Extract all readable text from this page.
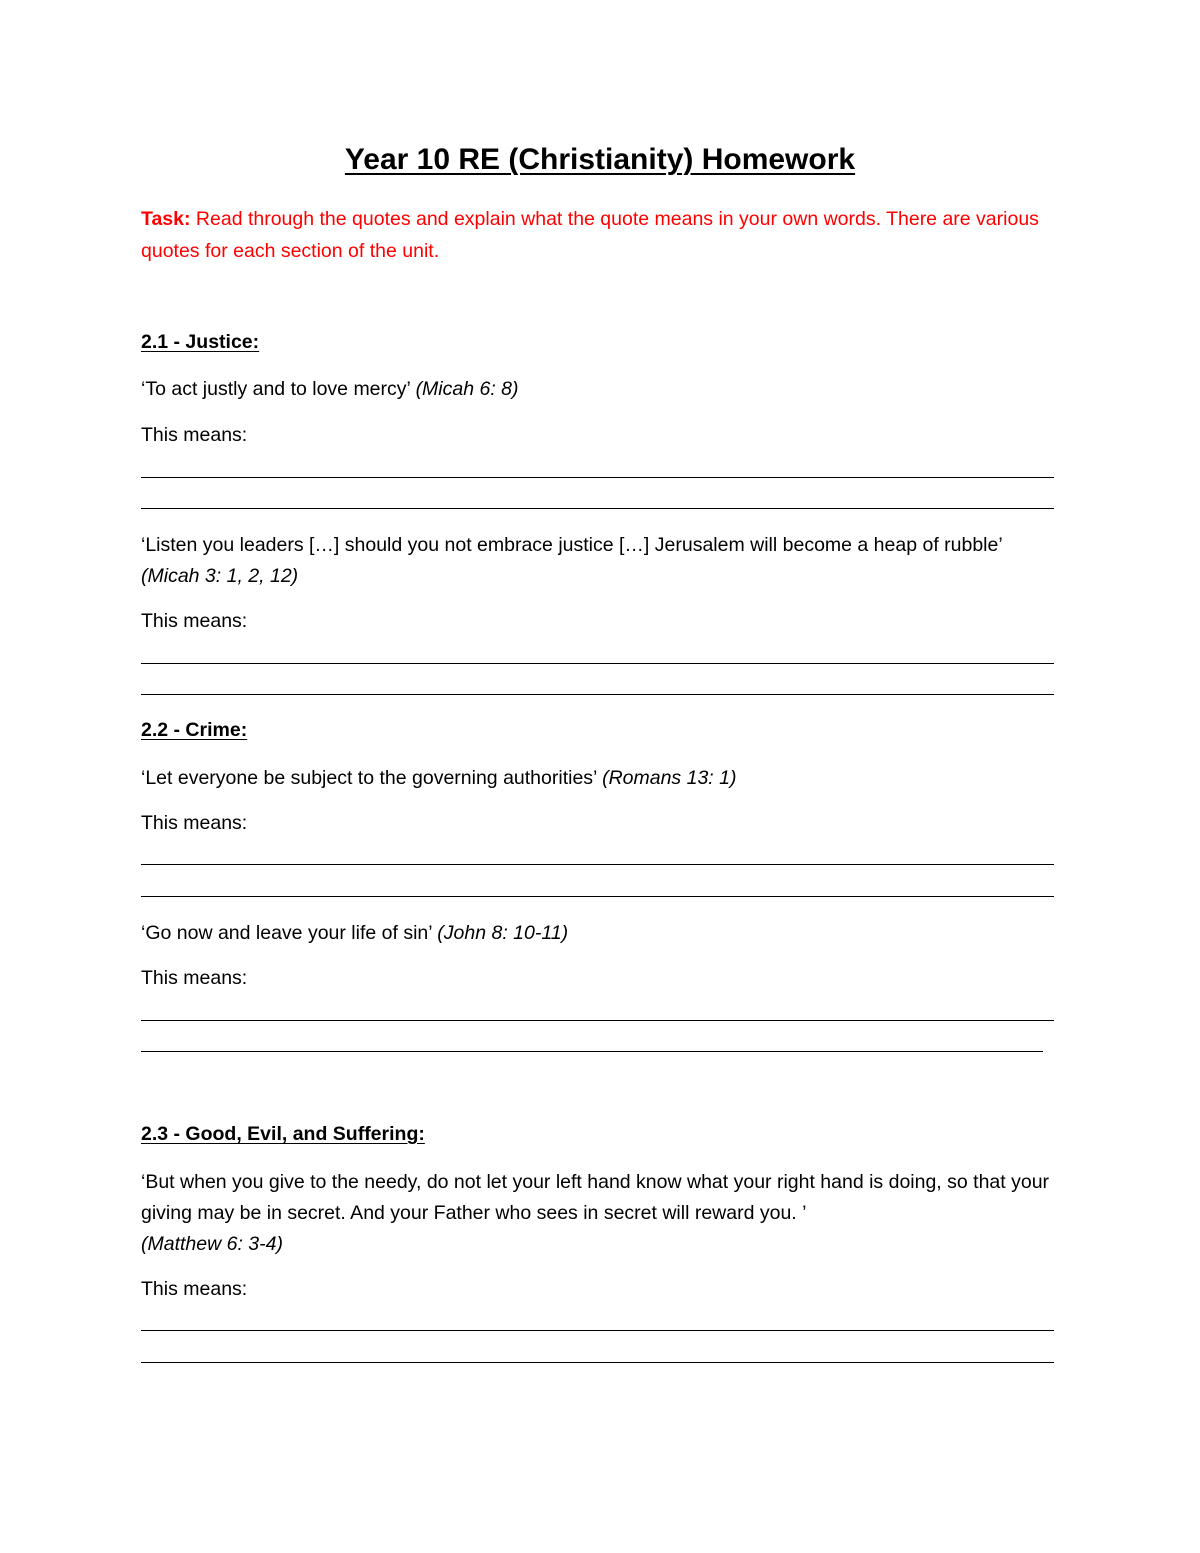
Year 10 RE (Christianity) Homework

Task: Read through the quotes and explain what the quote means in your own words. There are various quotes for each section of the unit.

2.1 - Justice:

‘To act justly and to love mercy’ (Micah 6: 8)

This means:

‘Listen you leaders […] should you not embrace justice […] Jerusalem will become a heap of rubble’ (Micah 3: 1, 2, 12)

This means:

2.2 - Crime:

‘Let everyone be subject to the governing authorities’ (Romans 13: 1)

This means:

‘Go now and leave your life of sin’ (John 8: 10-11)

This means:

2.3 - Good, Evil, and Suffering:

‘But when you give to the needy, do not let your left hand know what your right hand is doing, so that your giving may be in secret. And your Father who sees in secret will reward you. ’
(Matthew 6: 3-4)

This means:
